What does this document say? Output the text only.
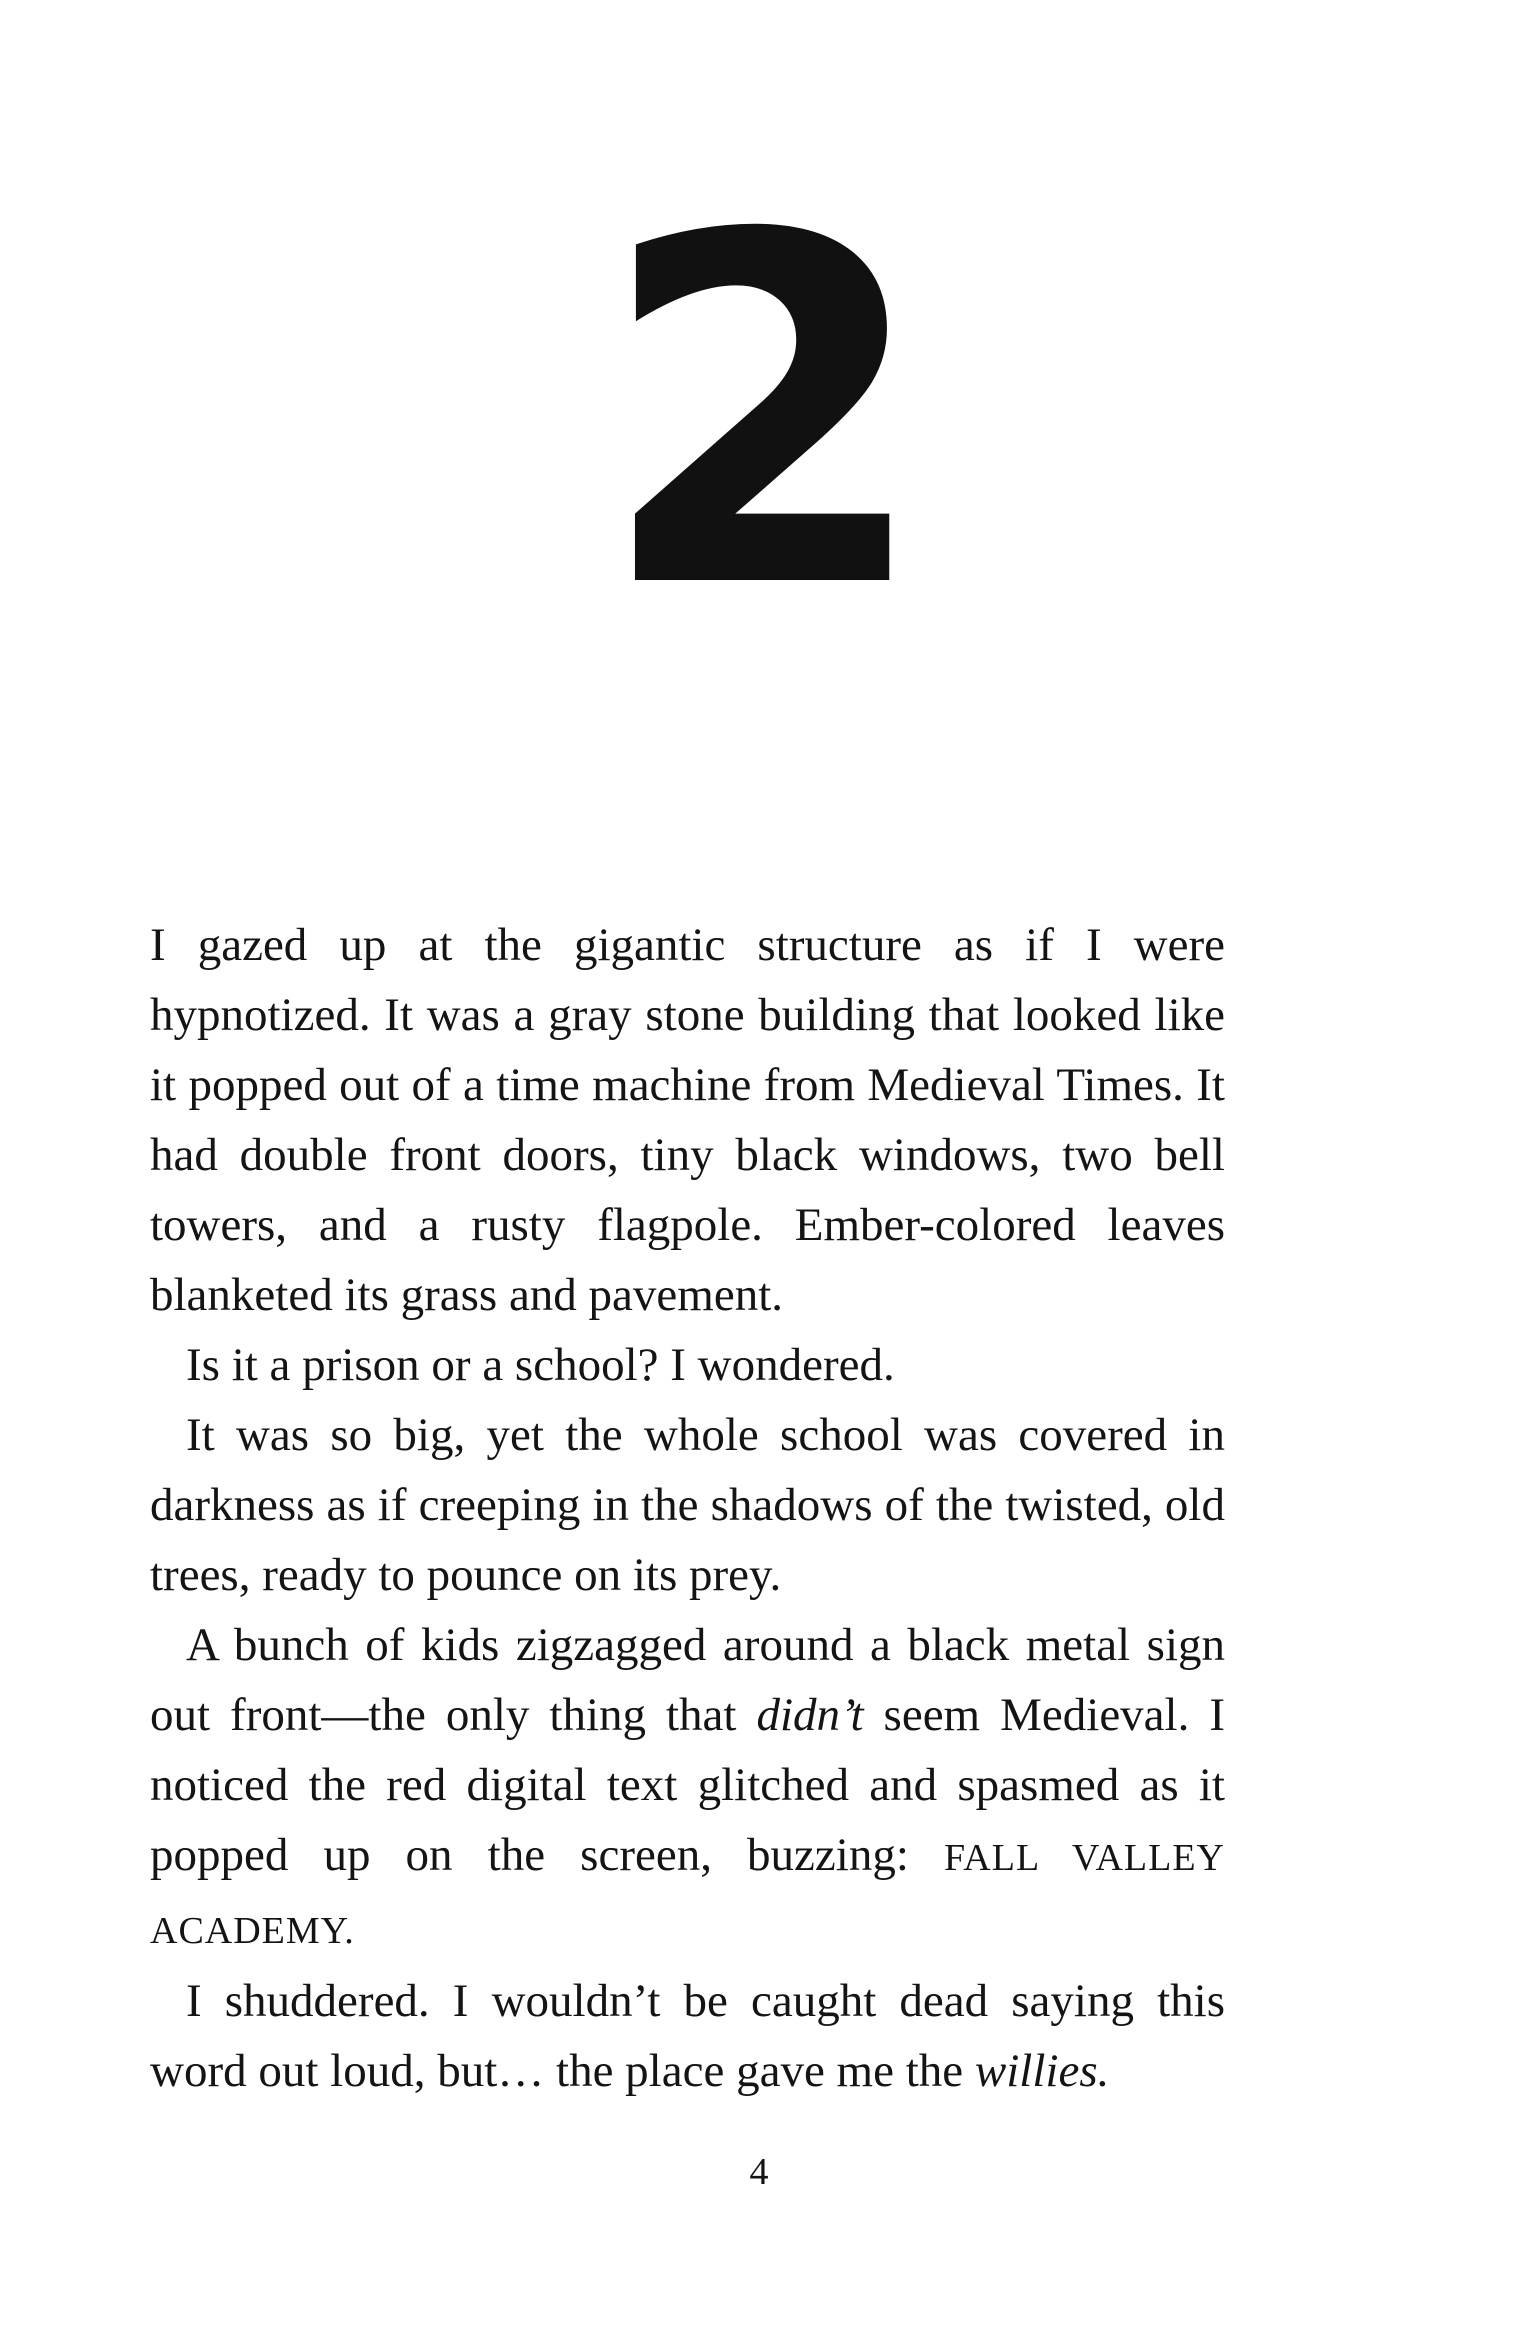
2

I gazed up at the gigantic structure as if I were hypnotized. It was a gray stone building that looked like it popped out of a time machine from Medieval Times. It had double front doors, tiny black windows, two bell towers, and a rusty flagpole. Ember-colored leaves blanketed its grass and pavement.

Is it a prison or a school? I wondered.

It was so big, yet the whole school was covered in darkness as if creeping in the shadows of the twisted, old trees, ready to pounce on its prey.

A bunch of kids zigzagged around a black metal sign out front—the only thing that didn’t seem Medieval. I noticed the red digital text glitched and spasmed as it popped up on the screen, buzzing: FALL VALLEY ACADEMY.

I shuddered. I wouldn’t be caught dead saying this word out loud, but… the place gave me the willies.

4
